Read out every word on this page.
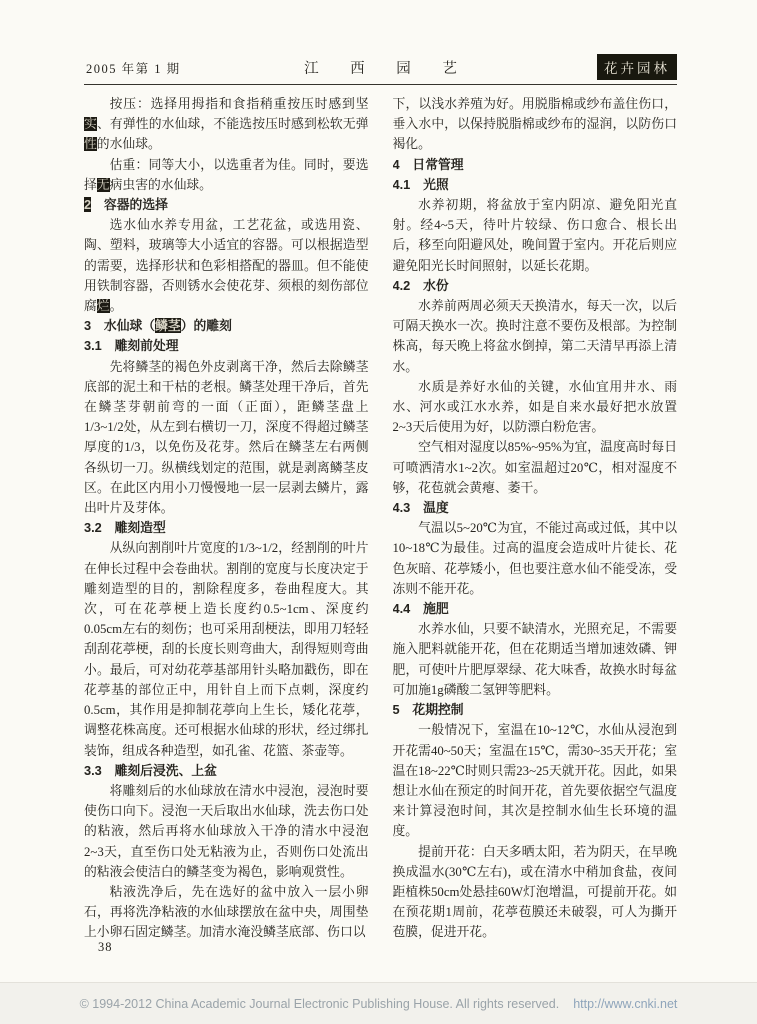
2005 年第 1 期	江 西 园 艺	花卉园林
按压：选择用拇指和食指稍重按压时感到坚实、有弹性的水仙球，不能选按压时感到松软无弹性的水仙球。
估重：同等大小，以选重者为佳。同时，要选择无病虫害的水仙球。
2　容器的选择
选水仙水养专用盆，工艺花盆，或选用瓷、陶、塑料，玻璃等大小适宜的容器。可以根据造型的需要，选择形状和色彩相搭配的器皿。但不能使用铁制容器，否则锈水会使花芽、须根的刻伤部位腐烂。
3　水仙球（鳞茎）的雕刻
3.1　雕刻前处理
先将鳞茎的褐色外皮剥离干净，然后去除鳞茎底部的泥土和干枯的老根。鳞茎处理干净后，首先在鳞茎芽朝前弯的一面（正面），距鳞茎盘上1/3~1/2处，从左到右横切一刀，深度不得超过鳞茎厚度的1/3，以免伤及花芽。然后在鳞茎左右两侧各纵切一刀。纵横线划定的范围，就是剥离鳞茎皮区。在此区内用小刀慢慢地一层一层剥去鳞片，露出叶片及芽体。
3.2　雕刻造型
从纵向割削叶片宽度的1/3~1/2，经割削的叶片在伸长过程中会卷曲状。割削的宽度与长度决定于雕刻造型的目的，割除程度多，卷曲程度大。其次，可在花葶梗上造长度约0.5~1cm、深度约0.05cm左右的刻伤；也可采用刮梗法，即用刀轻轻刮刮花葶梗，刮的长度长则弯曲大，刮得短则弯曲小。最后，可对幼花葶基部用针头略加戳伤，即在花葶基的部位正中，用针自上而下点刺，深度约0.5cm，其作用是抑制花葶向上生长，矮化花葶，调整花株高度。还可根据水仙球的形状，经过绑扎装饰，组成各种造型，如孔雀、花篮、茶壶等。
3.3　雕刻后浸洗、上盆
将雕刻后的水仙球放在清水中浸泡，浸泡时要使伤口向下。浸泡一天后取出水仙球，洗去伤口处的粘液，然后再将水仙球放入干净的清水中浸泡2~3天，直至伤口处无粘液为止，否则伤口处流出的粘液会使洁白的鳞茎变为褐色，影响观赏性。
粘液洗净后，先在选好的盆中放入一层小卵石，再将洗净粘液的水仙球摆放在盆中央，周围垫上小卵石固定鳞茎。加清水淹没鳞茎底部、伤口以
下，以浅水养殖为好。用脱脂棉或纱布盖住伤口，垂入水中，以保持脱脂棉或纱布的湿润，以防伤口褐化。
4　日常管理
4.1　光照
水养初期，将盆放于室内阴凉、避免阳光直射。经4~5天，待叶片较绿、伤口愈合、根长出后，移至向阳避风处，晚间置于室内。开花后则应避免阳光长时间照射，以延长花期。
4.2　水份
水养前两周必须天天换清水，每天一次，以后可隔天换水一次。换时注意不要伤及根部。为控制株高，每天晚上将盆水倒掉，第二天清早再添上清水。
水质是养好水仙的关键，水仙宜用井水、雨水、河水或江水水养，如是自来水最好把水放置2~3天后使用为好，以防漂白粉危害。
空气相对湿度以85%~95%为宜，温度高时每日可喷洒清水1~2次。如室温超过20℃，相对湿度不够，花苞就会黄瘪、萎干。
4.3　温度
气温以5~20℃为宜，不能过高或过低，其中以10~18℃为最佳。过高的温度会造成叶片徒长、花色灰暗、花葶矮小，但也要注意水仙不能受冻，受冻则不能开花。
4.4　施肥
水养水仙，只要不缺清水，光照充足，不需要施入肥料就能开花，但在花期适当增加速效磷、钾肥，可使叶片肥厚翠绿、花大味香，故换水时每盆可加施1g磷酸二氢钾等肥料。
5　花期控制
一般情况下，室温在10~12℃，水仙从浸泡到开花需40~50天；室温在15℃，需30~35天开花；室温在18~22℃时则只需23~25天就开花。因此，如果想让水仙在预定的时间开花，首先要依据空气温度来计算浸泡时间，其次是控制水仙生长环境的温度。
提前开花：白天多晒太阳，若为阴天，在早晚换成温水(30℃左右)，或在清水中稍加食盐，夜间距植株50cm处悬挂60W灯泡增温，可提前开花。如在预花期1周前，花葶苞膜还未破裂，可人为撕开苞膜，促进开花。
38
© 1994-2012 China Academic Journal Electronic Publishing House. All rights reserved. http://www.cnki.net
